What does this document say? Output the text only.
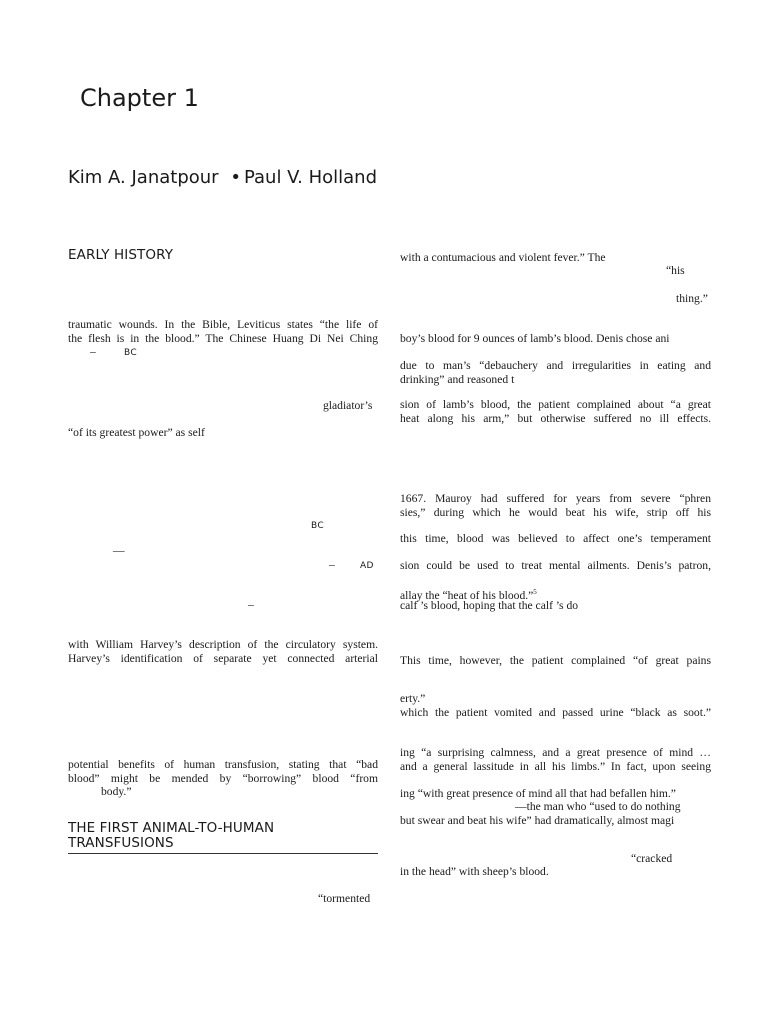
Chapter 1
Kim A. Janatpour • Paul V. Holland
EARLY HISTORY
traumatic wounds. In the Bible, Leviticus states “the life of
the flesh is in the blood.” The Chinese Huang Di Nei Ching
–	BC
gladiator’s
“of its greatest power” as self
BC
—
–	AD
–
with William Harvey’s description of the circulatory system.
Harvey’s identification of separate yet connected arterial
potential benefits of human transfusion, stating that “bad
blood” might be mended by “borrowing” blood “from
body.”
THE FIRST ANIMAL-TO-HUMAN
TRANSFUSIONS
“tormented
with a contumacious and violent fever.” The
“his
thing.”
boy’s blood for 9 ounces of lamb’s blood. Denis chose ani
due to man’s “debauchery and irregularities in eating and
drinking” and reasoned t
sion of lamb’s blood, the patient complained about “a great
heat along his arm,” but otherwise suffered no ill effects.
1667. Mauroy had suffered for years from severe “phren
sies,” during which he would beat his wife, strip off his
this time, blood was believed to affect one’s temperament
sion could be used to treat mental ailments. Denis’s patron,
allay the “heat of his blood.”$^5$
calf ’s blood, hoping that the calf ’s do
This time, however, the patient complained “of great pains
erty.”
which the patient vomited and passed urine “black as soot.”
ing “a surprising calmness, and a great presence of mind …
and a general lassitude in all his limbs.” In fact, upon seeing
ing “with great presence of mind all that had befallen him.”
—the man who “used to do nothing
but swear and beat his wife” had dramatically, almost magi
“cracked
in the head” with sheep’s blood.
